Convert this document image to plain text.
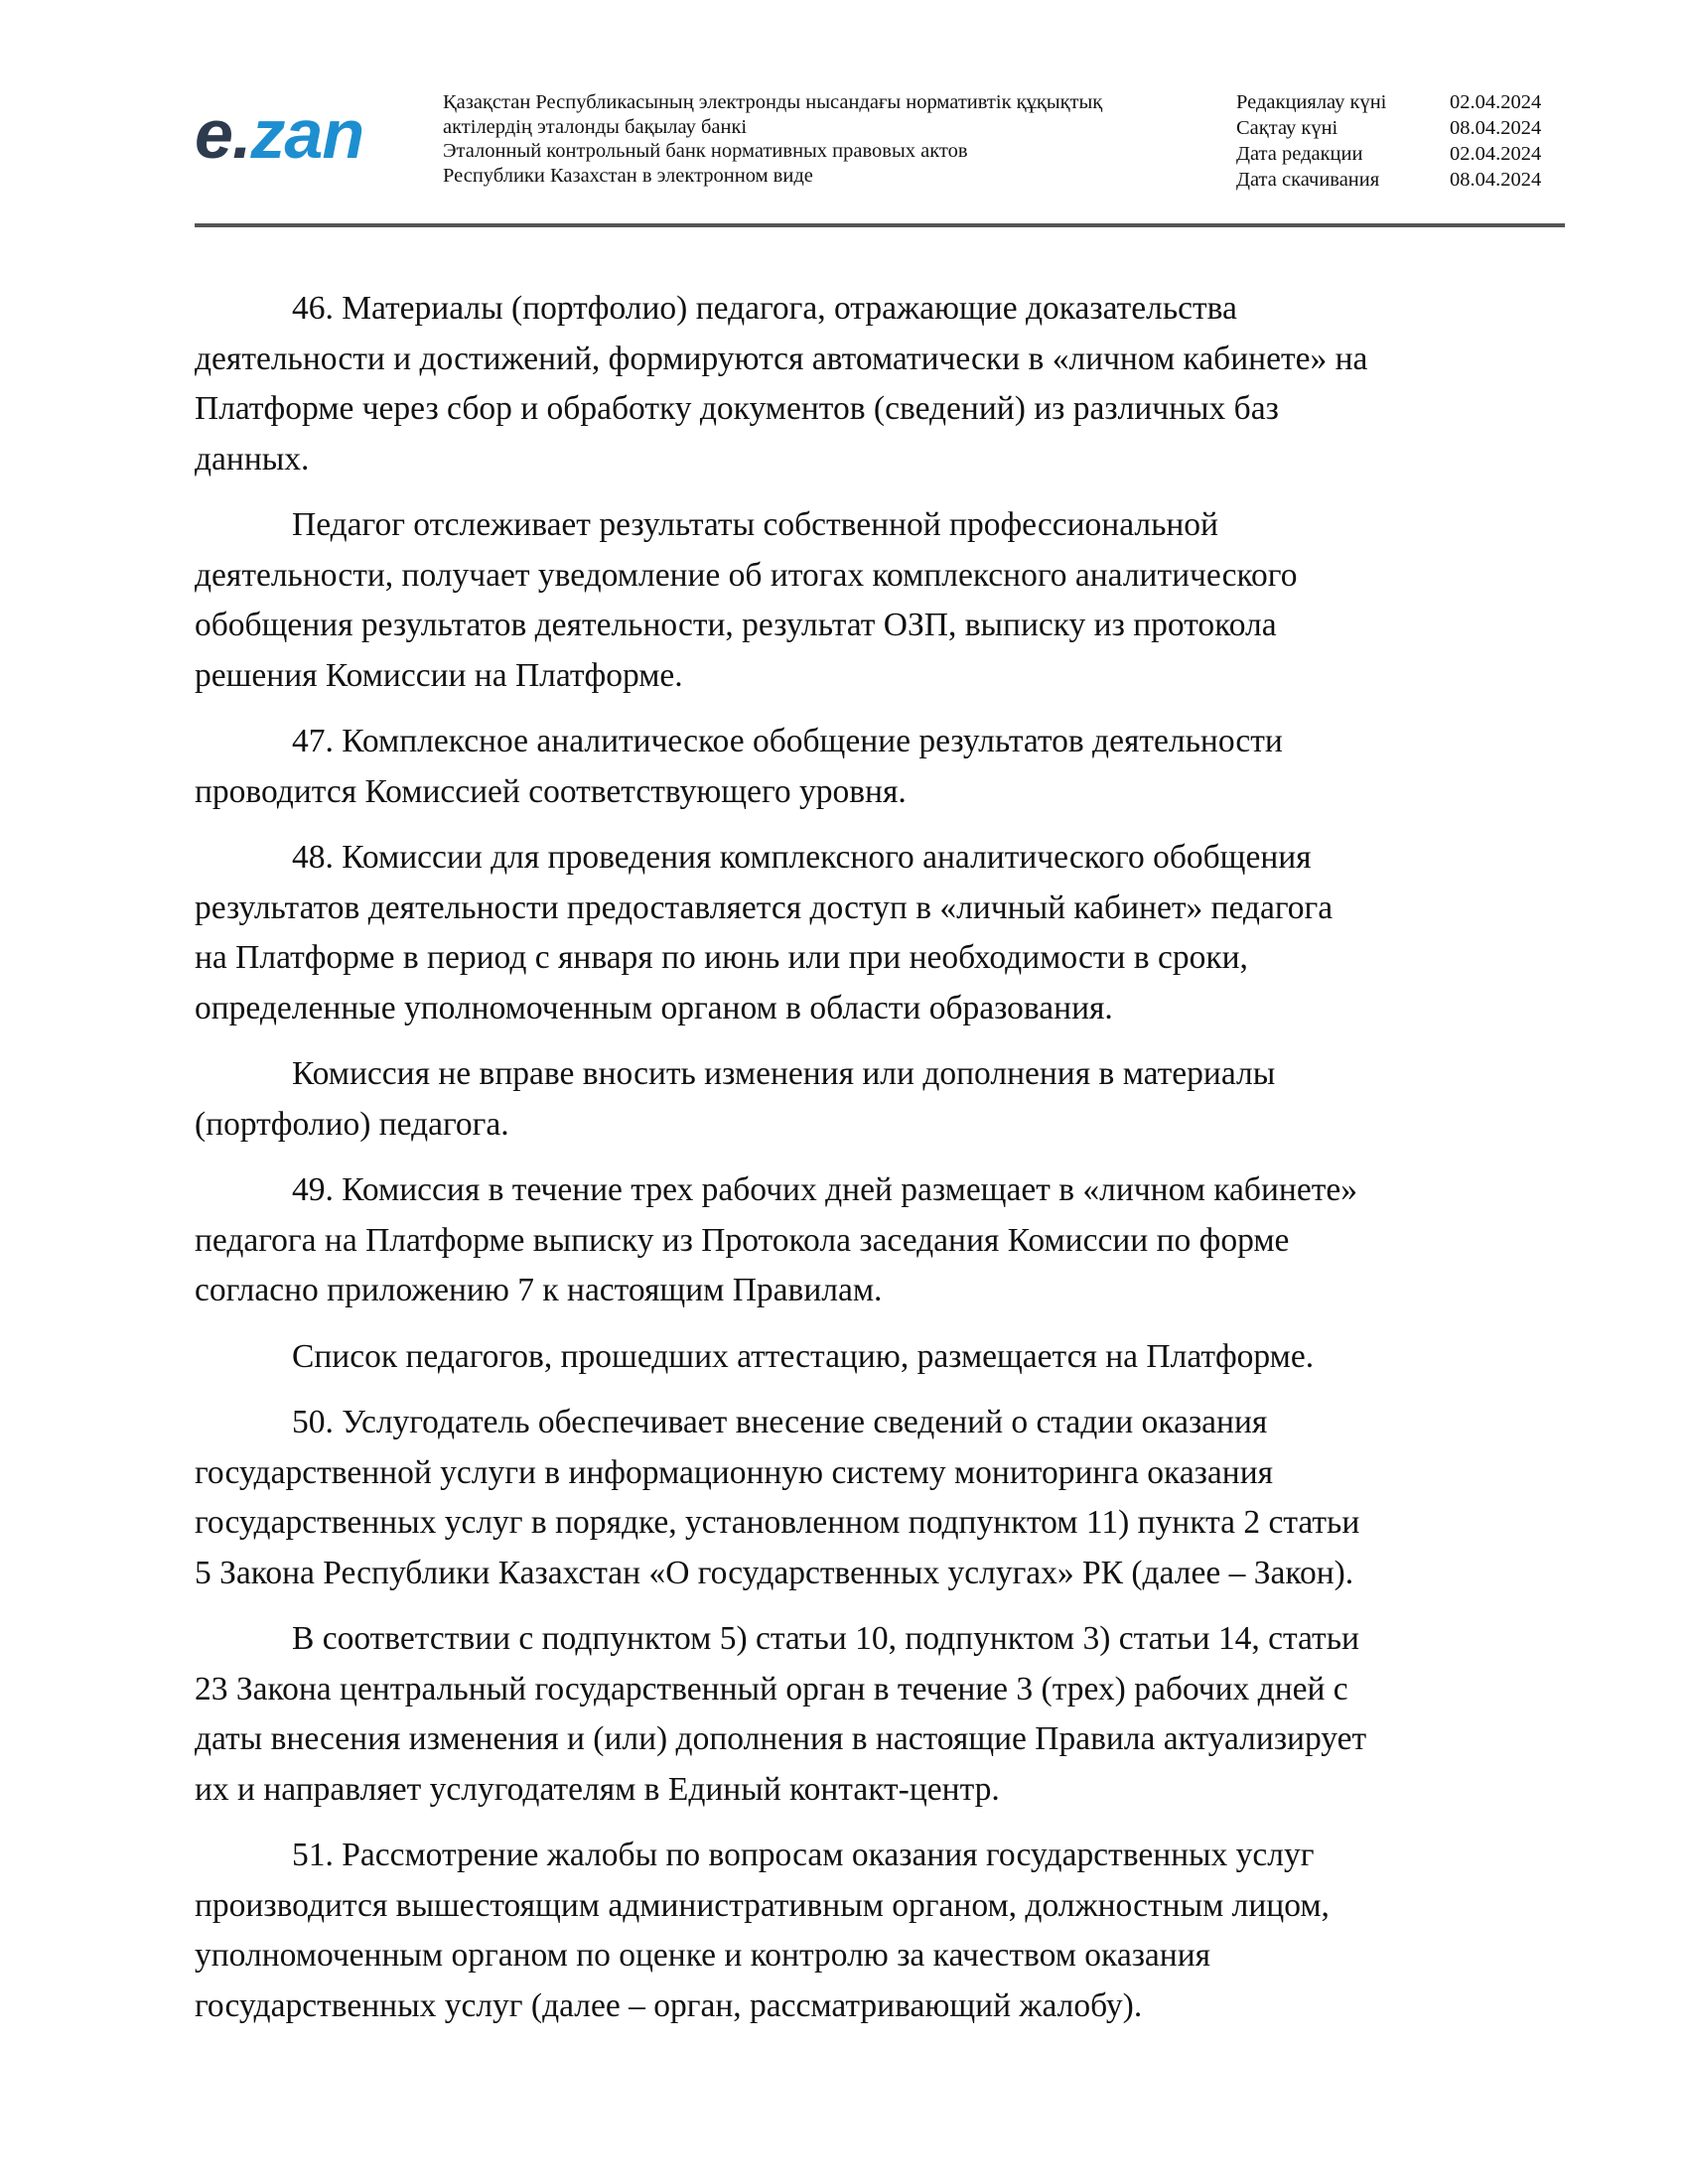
e.zan	Қазақстан Республикасының электронды нысандағы нормативтік құқықтық
актілердің эталонды бақылау банкі
Эталонный контрольный банк нормативных правовых актов
Республики Казахстан в электронном виде
Редакциялау күні	02.04.2024
Сақтау күні	08.04.2024
Дата редакции	02.04.2024
Дата скачивания	08.04.2024

46. Материалы (портфолио) педагога, отражающие доказательства
деятельности и достижений, формируются автоматически в «личном кабинете» на
Платформе через сбор и обработку документов (сведений) из различных баз
данных.

Педагог отслеживает результаты собственной профессиональной
деятельности, получает уведомление об итогах комплексного аналитического
обобщения результатов деятельности, результат ОЗП, выписку из протокола
решения Комиссии на Платформе.

47. Комплексное аналитическое обобщение результатов деятельности
проводится Комиссией соответствующего уровня.

48. Комиссии для проведения комплексного аналитического обобщения
результатов деятельности предоставляется доступ в «личный кабинет» педагога
на Платформе в период с января по июнь или при необходимости в сроки,
определенные уполномоченным органом в области образования.

Комиссия не вправе вносить изменения или дополнения в материалы
(портфолио) педагога.

49. Комиссия в течение трех рабочих дней размещает в «личном кабинете»
педагога на Платформе выписку из Протокола заседания Комиссии по форме
согласно приложению 7 к настоящим Правилам.

Список педагогов, прошедших аттестацию, размещается на Платформе.

50. Услугодатель обеспечивает внесение сведений о стадии оказания
государственной услуги в информационную систему мониторинга оказания
государственных услуг в порядке, установленном подпунктом 11) пункта 2 статьи
5 Закона Республики Казахстан «О государственных услугах» РК (далее – Закон).

В соответствии с подпунктом 5) статьи 10, подпунктом 3) статьи 14, статьи
23 Закона центральный государственный орган в течение 3 (трех) рабочих дней с
даты внесения изменения и (или) дополнения в настоящие Правила актуализирует
их и направляет услугодателям в Единый контакт-центр.

51. Рассмотрение жалобы по вопросам оказания государственных услуг
производится вышестоящим административным органом, должностным лицом,
уполномоченным органом по оценке и контролю за качеством оказания
государственных услуг (далее – орган, рассматривающий жалобу).
